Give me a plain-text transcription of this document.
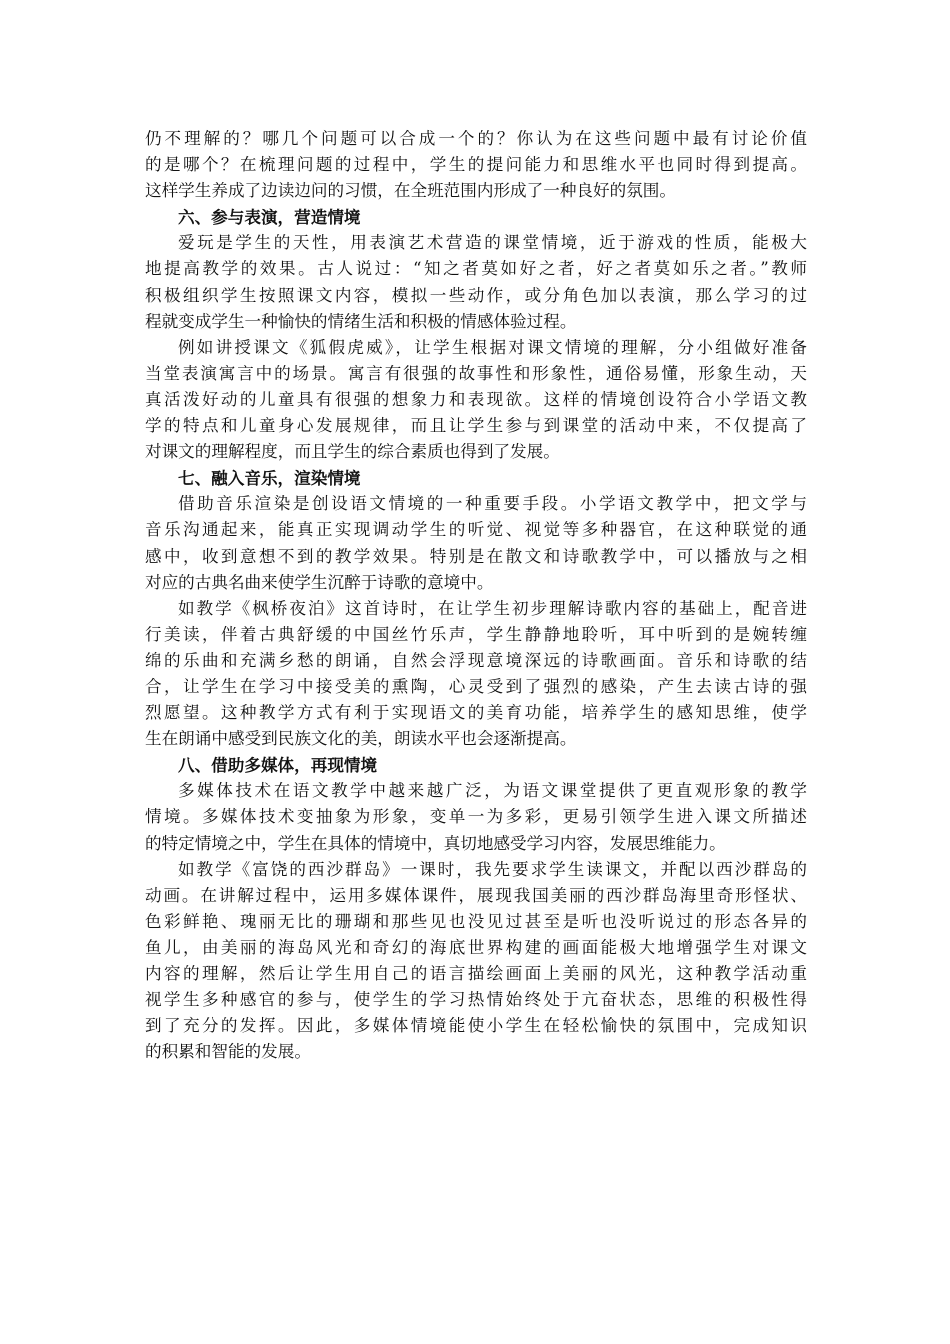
仍不理解的？哪几个问题可以合成一个的？你认为在这些问题中最有讨论价值
的是哪个？在梳理问题的过程中，学生的提问能力和思维水平也同时得到提高。
这样学生养成了边读边问的习惯，在全班范围内形成了一种良好的氛围。
六、参与表演，营造情境
爱玩是学生的天性，用表演艺术营造的课堂情境，近于游戏的性质，能极大
地提高教学的效果。古人说过：“知之者莫如好之者，好之者莫如乐之者。”教师
积极组织学生按照课文内容，模拟一些动作，或分角色加以表演，那么学习的过
程就变成学生一种愉快的情绪生活和积极的情感体验过程。
例如讲授课文《狐假虎威》，让学生根据对课文情境的理解，分小组做好准备
当堂表演寓言中的场景。寓言有很强的故事性和形象性，通俗易懂，形象生动，天
真活泼好动的儿童具有很强的想象力和表现欲。这样的情境创设符合小学语文教
学的特点和儿童身心发展规律，而且让学生参与到课堂的活动中来，不仅提高了
对课文的理解程度，而且学生的综合素质也得到了发展。
七、融入音乐，渲染情境
借助音乐渲染是创设语文情境的一种重要手段。小学语文教学中，把文学与
音乐沟通起来，能真正实现调动学生的听觉、视觉等多种器官，在这种联觉的通
感中，收到意想不到的教学效果。特别是在散文和诗歌教学中，可以播放与之相
对应的古典名曲来使学生沉醉于诗歌的意境中。
如教学《枫桥夜泊》这首诗时，在让学生初步理解诗歌内容的基础上，配音进
行美读，伴着古典舒缓的中国丝竹乐声，学生静静地聆听，耳中听到的是婉转缠
绵的乐曲和充满乡愁的朗诵，自然会浮现意境深远的诗歌画面。音乐和诗歌的结
合，让学生在学习中接受美的熏陶，心灵受到了强烈的感染，产生去读古诗的强
烈愿望。这种教学方式有利于实现语文的美育功能，培养学生的感知思维，使学
生在朗诵中感受到民族文化的美，朗读水平也会逐渐提高。
八、借助多媒体，再现情境
多媒体技术在语文教学中越来越广泛，为语文课堂提供了更直观形象的教学
情境。多媒体技术变抽象为形象，变单一为多彩，更易引领学生进入课文所描述
的特定情境之中，学生在具体的情境中，真切地感受学习内容，发展思维能力。
如教学《富饶的西沙群岛》一课时，我先要求学生读课文，并配以西沙群岛的
动画。在讲解过程中，运用多媒体课件，展现我国美丽的西沙群岛海里奇形怪状、
色彩鲜艳、瑰丽无比的珊瑚和那些见也没见过甚至是听也没听说过的形态各异的
鱼儿，由美丽的海岛风光和奇幻的海底世界构建的画面能极大地增强学生对课文
内容的理解，然后让学生用自己的语言描绘画面上美丽的风光，这种教学活动重
视学生多种感官的参与，使学生的学习热情始终处于亢奋状态，思维的积极性得
到了充分的发挥。因此，多媒体情境能使小学生在轻松愉快的氛围中，完成知识
的积累和智能的发展。
